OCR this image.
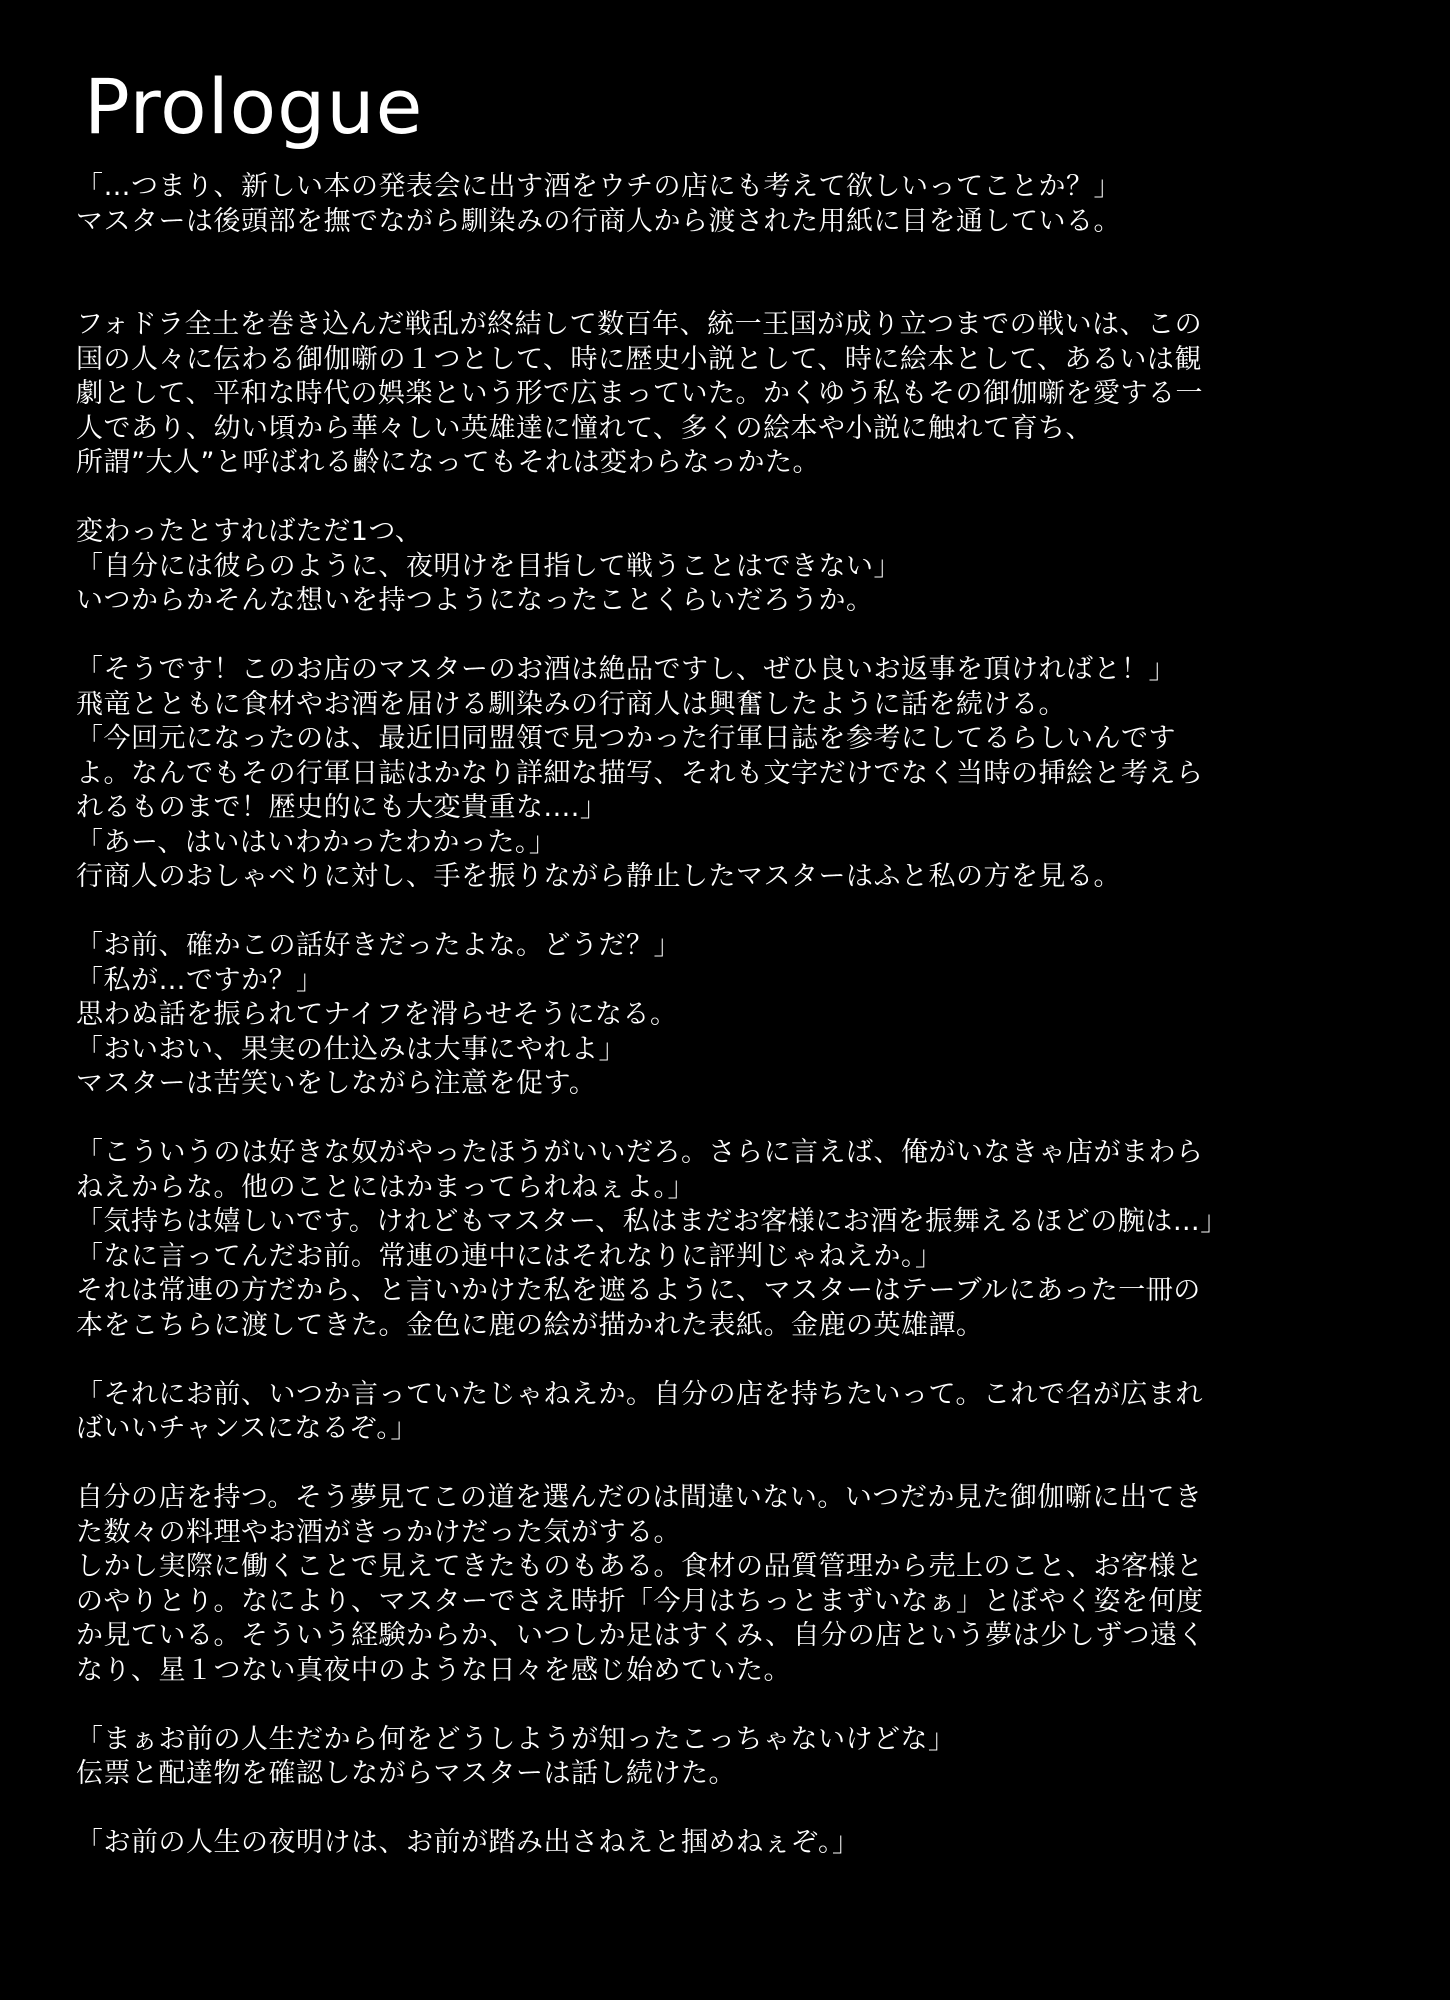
Prologue
「…つまり、新しい本の発表会に出す酒をウチの店にも考えて欲しいってことか？」
マスターは後頭部を撫でながら馴染みの行商人から渡された用紙に目を通している。
フォドラ全土を巻き込んだ戦乱が終結して数百年、統一王国が成り立つまでの戦いは、この
国の人々に伝わる御伽噺の１つとして、時に歴史小説として、時に絵本として、あるいは観
劇として、平和な時代の娯楽という形で広まっていた。かくゆう私もその御伽噺を愛する一
人であり、幼い頃から華々しい英雄達に憧れて、多くの絵本や小説に触れて育ち、
所謂”大人”と呼ばれる齢になってもそれは変わらなっかた。
変わったとすればただ1つ、
「自分には彼らのように、夜明けを目指して戦うことはできない」
いつからかそんな想いを持つようになったことくらいだろうか。
「そうです！このお店のマスターのお酒は絶品ですし、ぜひ良いお返事を頂ければと！」
飛竜とともに食材やお酒を届ける馴染みの行商人は興奮したように話を続ける。
「今回元になったのは、最近旧同盟領で見つかった行軍日誌を参考にしてるらしいんです
よ。なんでもその行軍日誌はかなり詳細な描写、それも文字だけでなく当時の挿絵と考えら
れるものまで！歴史的にも大変貴重な....」
「あー、はいはいわかったわかった。」
行商人のおしゃべりに対し、手を振りながら静止したマスターはふと私の方を見る。
「お前、確かこの話好きだったよな。どうだ？」
「私が…ですか？」
思わぬ話を振られてナイフを滑らせそうになる。
「おいおい、果実の仕込みは大事にやれよ」
マスターは苦笑いをしながら注意を促す。
「こういうのは好きな奴がやったほうがいいだろ。さらに言えば、俺がいなきゃ店がまわら
ねえからな。他のことにはかまってられねぇよ。」
「気持ちは嬉しいです。けれどもマスター、私はまだお客様にお酒を振舞えるほどの腕は…」
「なに言ってんだお前。常連の連中にはそれなりに評判じゃねえか。」
それは常連の方だから、と言いかけた私を遮るように、マスターはテーブルにあった一冊の
本をこちらに渡してきた。金色に鹿の絵が描かれた表紙。金鹿の英雄譚。
「それにお前、いつか言っていたじゃねえか。自分の店を持ちたいって。これで名が広まれ
ばいいチャンスになるぞ。」
自分の店を持つ。そう夢見てこの道を選んだのは間違いない。いつだか見た御伽噺に出てき
た数々の料理やお酒がきっかけだった気がする。
しかし実際に働くことで見えてきたものもある。食材の品質管理から売上のこと、お客様と
のやりとり。なにより、マスターでさえ時折「今月はちっとまずいなぁ」とぼやく姿を何度
か見ている。そういう経験からか、いつしか足はすくみ、自分の店という夢は少しずつ遠く
なり、星１つない真夜中のような日々を感じ始めていた。
「まぁお前の人生だから何をどうしようが知ったこっちゃないけどな」
伝票と配達物を確認しながらマスターは話し続けた。
「お前の人生の夜明けは、お前が踏み出さねえと掴めねぇぞ。」
